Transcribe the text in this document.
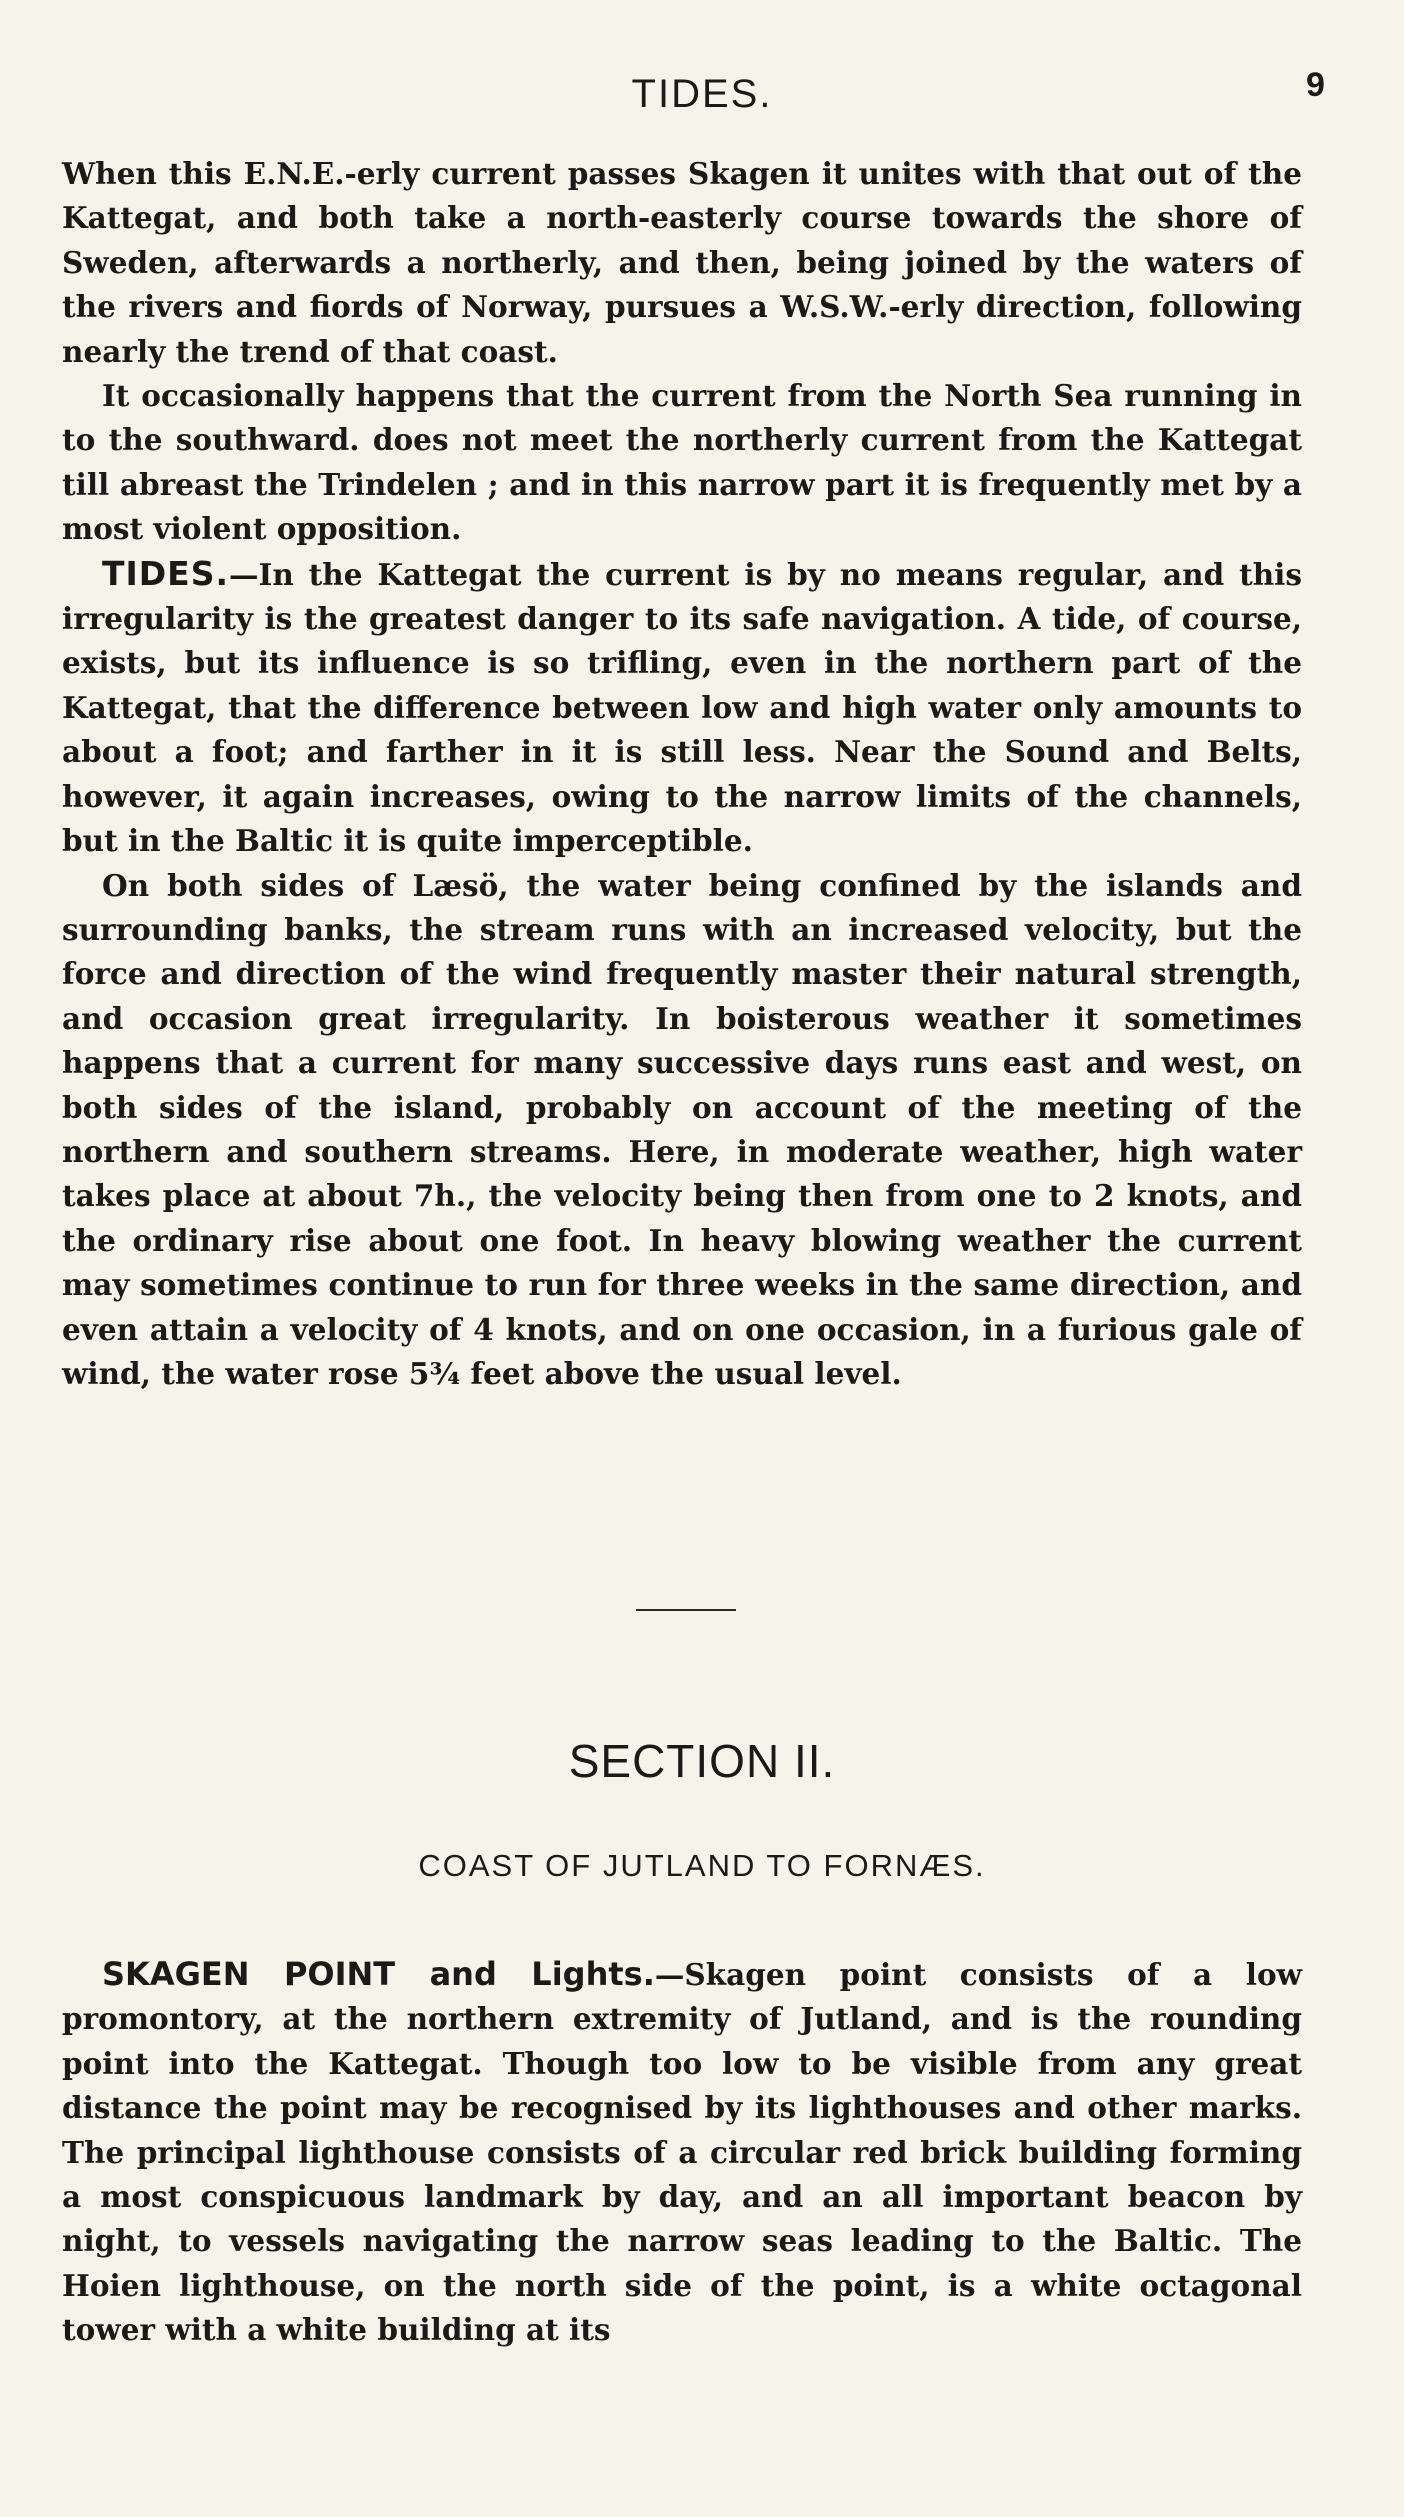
TIDES.	9

When this E.N.E.-erly current passes Skagen it unites with that out of the Kattegat, and both take a north-easterly course towards the shore of Sweden, afterwards a northerly, and then, being joined by the waters of the rivers and fiords of Norway, pursues a W.S.W.-erly direction, following nearly the trend of that coast.

It occasionally happens that the current from the North Sea running in to the southward. does not meet the northerly current from the Kattegat till abreast the Trindelen ; and in this narrow part it is frequently met by a most violent opposition.

TIDES.—In the Kattegat the current is by no means regular, and this irregularity is the greatest danger to its safe navigation. A tide, of course, exists, but its influence is so trifling, even in the northern part of the Kattegat, that the difference between low and high water only amounts to about a foot; and farther in it is still less. Near the Sound and Belts, however, it again increases, owing to the narrow limits of the channels, but in the Baltic it is quite imperceptible.

On both sides of Læsö, the water being confined by the islands and surrounding banks, the stream runs with an increased velocity, but the force and direction of the wind frequently master their natural strength, and occasion great irregularity. In boisterous weather it sometimes happens that a current for many successive days runs east and west, on both sides of the island, probably on account of the meeting of the northern and southern streams. Here, in moderate weather, high water takes place at about 7h., the velocity being then from one to 2 knots, and the ordinary rise about one foot. In heavy blowing weather the current may sometimes continue to run for three weeks in the same direction, and even attain a velocity of 4 knots, and on one occasion, in a furious gale of wind, the water rose 5¾ feet above the usual level.

SECTION II.
COAST OF JUTLAND TO FORNÆS.

SKAGEN POINT and Lights.—Skagen point consists of a low promontory, at the northern extremity of Jutland, and is the rounding point into the Kattegat. Though too low to be visible from any great distance the point may be recognised by its lighthouses and other marks. The principal lighthouse consists of a circular red brick building forming a most conspicuous landmark by day, and an all important beacon by night, to vessels navigating the narrow seas leading to the Baltic. The Hoien lighthouse, on the north side of the point, is a white octagonal tower with a white building at its
